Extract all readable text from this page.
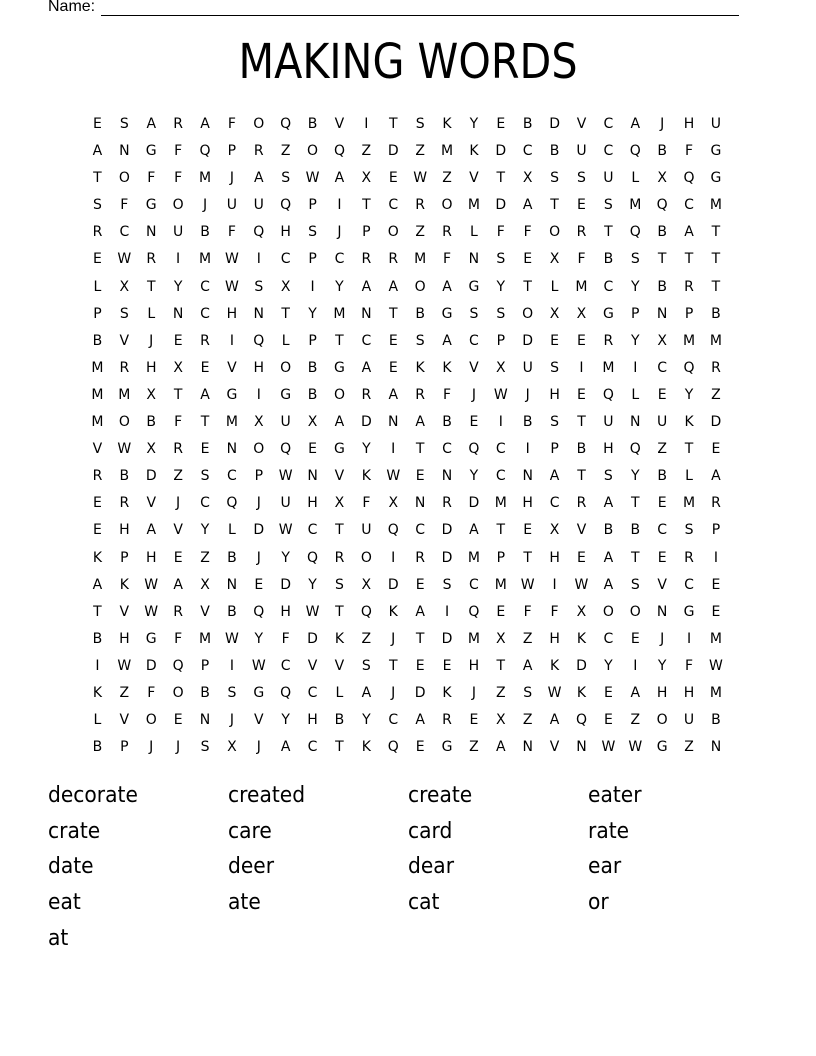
Name:
MAKING WORDS
E	S	A	R	A	F	O	Q	B	V	I	T	S	K	Y	E	B	D	V	C	A	J	H	U
A	N	G	F	Q	P	R	Z	O	Q	Z	D	Z	M	K	D	C	B	U	C	Q	B	F	G
T	O	F	F	M	J	A	S	W	A	X	E	W	Z	V	T	X	S	S	U	L	X	Q	G
S	F	G	O	J	U	U	Q	P	I	T	C	R	O	M	D	A	T	E	S	M	Q	C	M
R	C	N	U	B	F	Q	H	S	J	P	O	Z	R	L	F	F	O	R	T	Q	B	A	T
E	W	R	I	M W	I	C	P	C	R	R	M	F	N	S	E	X	F	B	S	T	T	T
L	X	T	Y	C	W	S	X	I	Y	A	A	O	A	G	Y	T	L	M	C	Y	B	R	T
P	S	L	N	C	H	N	T	Y	M	N	T	B	G	S	S	O	X	X	G	P	N	P	B
B	V	J	E	R	I	Q	L	P	T	C	E	S	A	C	P	D	E	E	R	Y	X	M	M
M	R	H	X	E	V	H	O	B	G	A	E	K	K	V	X	U	S	I	M	I	C	Q	R
M	M	X	T	A	G	I	G	B	O	R	A	R	F	J	W	J	H	E	Q	L	E	Y	Z
M	O	B	F	T	M	X	U	X	A	D	N	A	B	E	I	B	S	T	U	N	U	K	D
V	W	X	R	E	N	O	Q	E	G	Y	I	T	C	Q	C	I	P	B	H	Q	Z	T	E
R	B	D	Z	S	C	P	W	N	V	K	W	E	N	Y	C	N	A	T	S	Y	B	L	A
E	R	V	J	C	Q	J	U	H	X	F	X	N	R	D	M	H	C	R	A	T	E	M	R
E	H	A	V	Y	L	D	W	C	T	U	Q	C	D	A	T	E	X	V	B	B	C	S	P
K	P	H	E	Z	B	J	Y	Q	R	O	I	R	D	M	P	T	H	E	A	T	E	R	I
A	K	W	A	X	N	E	D	Y	S	X	D	E	S	C	M W	I	W	A	S	V	C	E
T	V	W	R	V	B	Q	H	W	T	Q	K	A	I	Q	E	F	F	X	O	O	N	G	E
B	H	G	F	M W	Y	F	D	K	Z	J	T	D	M	X	Z	H	K	C	E	J	I	M
I	W	D	Q	P	I	W	C	V	V	S	T	E	E	H	T	A	K	D	Y	I	Y	F	W
K	Z	F	O	B	S	G	Q	C	L	A	J	D	K	J	Z	S	W	K	E	A	H	H	M
L	V	O	E	N	J	V	Y	H	B	Y	C	A	R	E	X	Z	A	Q	E	Z	O	U	B
B	P	J	J	S	X	J	A	C	T	K	Q	E	G	Z	A	N	V	N	W W	G	Z	N
decorate	created	create	eater
crate	care	card	rate
date	deer	dear	ear
eat	ate	cat	or
at
